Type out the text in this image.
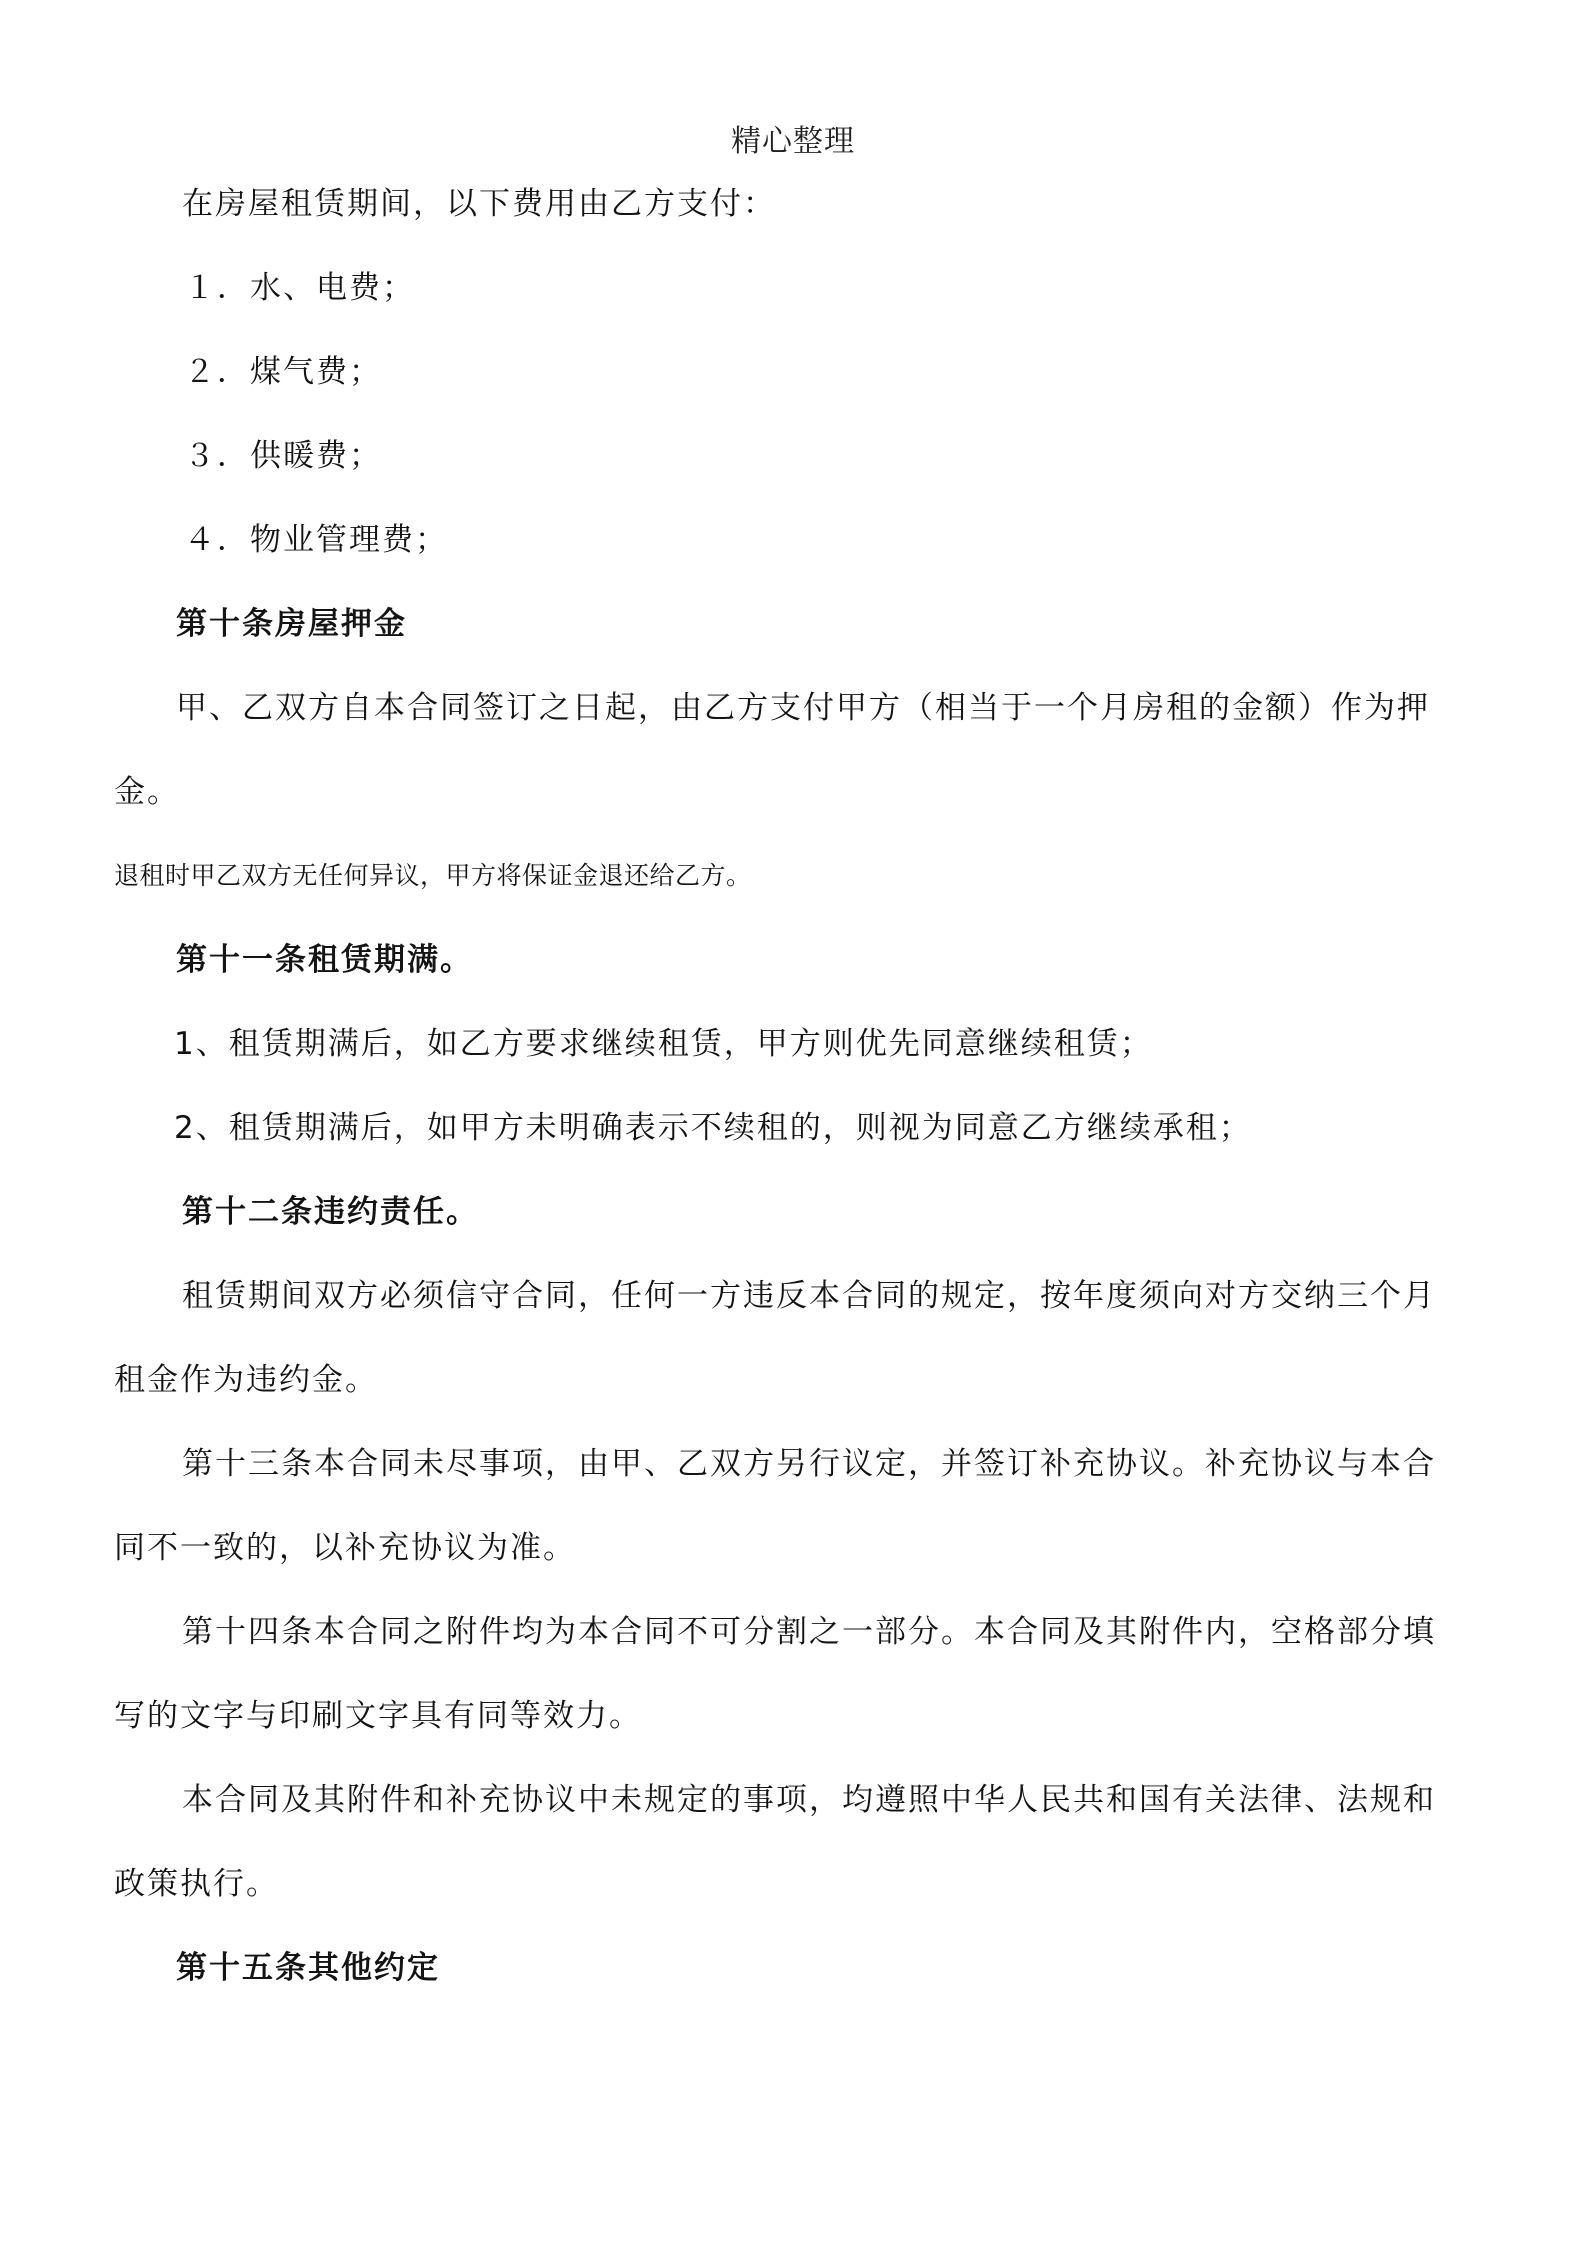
精心整理
在房屋租赁期间，以下费用由乙方支付：
１．水、电费；
２．煤气费；
３．供暖费；
４．物业管理费；
第十条房屋押金
甲、乙双方自本合同签订之日起，由乙方支付甲方（相当于一个月房租的金额）作为押
金。
退租时甲乙双方无任何异议，甲方将保证金退还给乙方。
第十一条租赁期满。
1、租赁期满后，如乙方要求继续租赁，甲方则优先同意继续租赁；
2、租赁期满后，如甲方未明确表示不续租的，则视为同意乙方继续承租；
第十二条违约责任。
租赁期间双方必须信守合同，任何一方违反本合同的规定，按年度须向对方交纳三个月
租金作为违约金。
第十三条本合同未尽事项，由甲、乙双方另行议定，并签订补充协议。补充协议与本合
同不一致的，以补充协议为准。
第十四条本合同之附件均为本合同不可分割之一部分。本合同及其附件内，空格部分填
写的文字与印刷文字具有同等效力。
本合同及其附件和补充协议中未规定的事项，均遵照中华人民共和国有关法律、法规和
政策执行。
第十五条其他约定
